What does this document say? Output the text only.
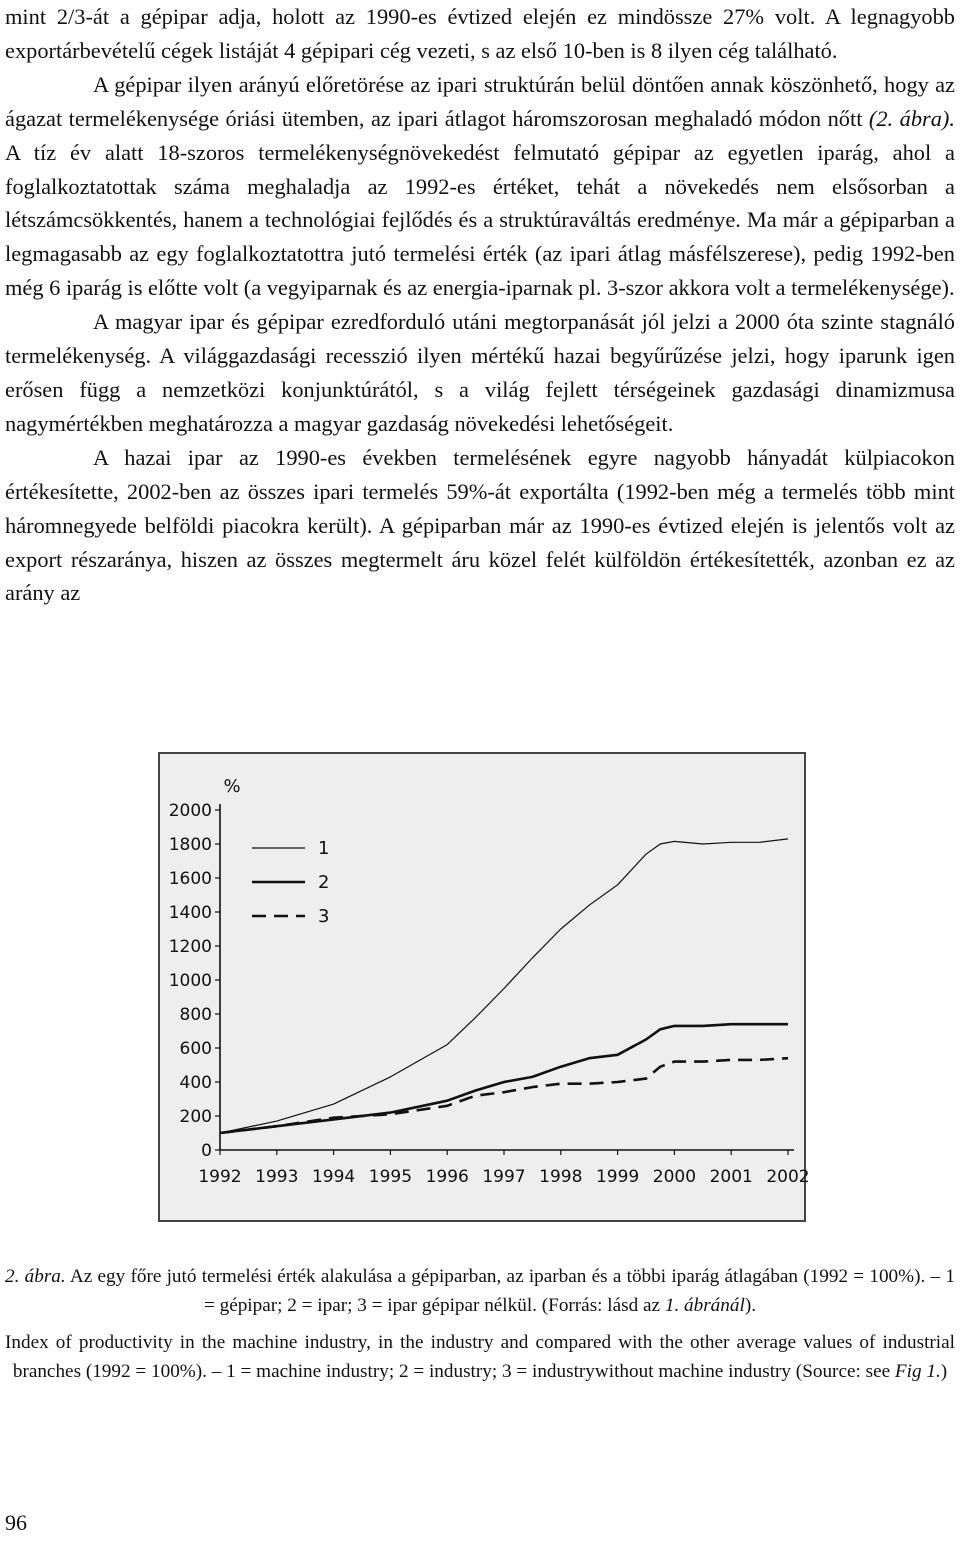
mint 2/3-át a gépipar adja, holott az 1990-es évtized elején ez mindössze 27% volt. A legnagyobb exportárbevételű cégek listáját 4 gépipari cég vezeti, s az első 10-ben is 8 ilyen cég található.

A gépipar ilyen arányú előretörése az ipari struktúrán belül döntően annak köszönhető, hogy az ágazat termelékenysége óriási ütemben, az ipari átlagot háromszorosan meghaladó módon nőtt (2. ábra). A tíz év alatt 18-szoros termelékenységnövekedést felmutató gépipar az egyetlen iparág, ahol a foglalkoztatottak száma meghaladja az 1992-es értéket, tehát a növekedés nem elsősorban a létszámcsökkentés, hanem a technológiai fejlődés és a struktúraváltás eredménye. Ma már a gépiparban a legmagasabb az egy foglalkoztatottra jutó termelési érték (az ipari átlag másfélszerese), pedig 1992-ben még 6 iparág is előtte volt (a vegyiparnak és az energia-iparnak pl. 3-szor akkora volt a termelékenysége).

A magyar ipar és gépipar ezredforduló utáni megtorpanását jól jelzi a 2000 óta szinte stagnáló termelékenység. A világgazdasági recesszió ilyen mértékű hazai begyűrűzése jelzi, hogy iparunk igen erősen függ a nemzetközi konjunktúrától, s a világ fejlett térségeinek gazdasági dinamizmusa nagymértékben meghatározza a magyar gazdaság növekedési lehetőségeit.

A hazai ipar az 1990-es években termelésének egyre nagyobb hányadát külpiacokon értékesítette, 2002-ben az összes ipari termelés 59%-át exportálta (1992-ben még a termelés több mint háromnegyede belföldi piacokra került). A gépiparban már az 1990-es évtized elején is jelentős volt az export részaránya, hiszen az összes megtermelt áru közel felét külföldön értékesítették, azonban ez az arány az

%
0
200
400
600
800
1000
1200
1400
1600
1800
2000
1992 1993 1994 1995 1996 1997 1998 1999 2000 2001 2002
1
2
3

2. ábra. Az egy főre jutó termelési érték alakulása a gépiparban, az iparban és a többi iparág átlagában (1992 = 100%). – 1 = gépipar; 2 = ipar; 3 = ipar gépipar nélkül. (Forrás: lásd az 1. ábránál).

Index of productivity in the machine industry, in the industry and compared with the other average values of industrial branches (1992 = 100%). – 1 = machine industry; 2 = industry; 3 = industrywithout machine industry (Source: see Fig 1.)

96
